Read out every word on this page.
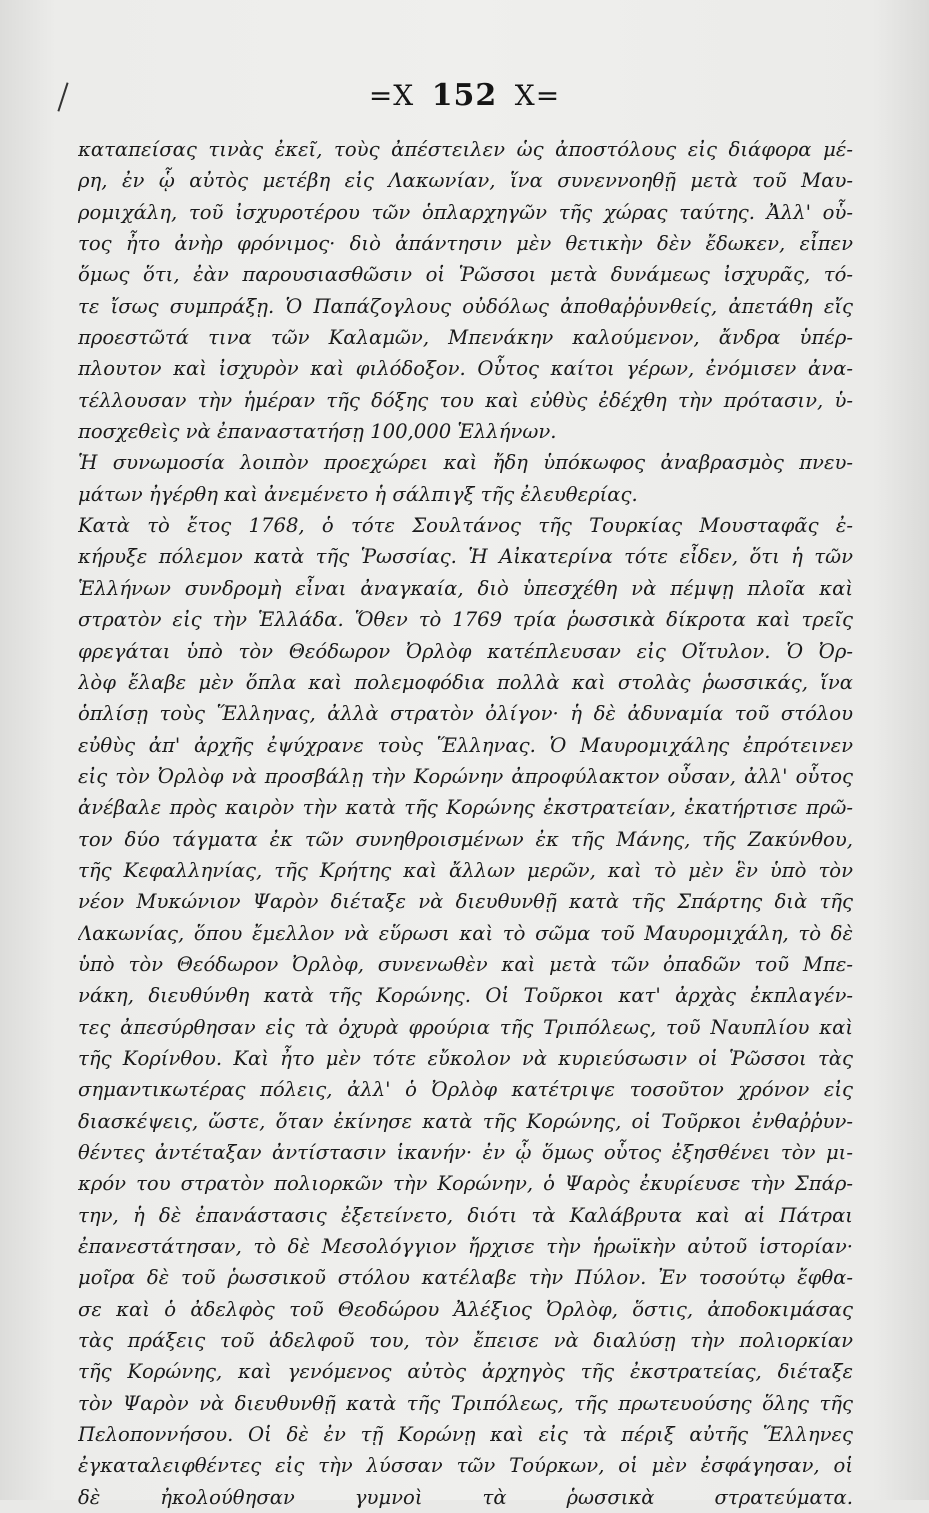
=⁠Χ 152 Χ=
καταπείσας τινὰς ἐκεῖ, τοὺς ἀπέστειλεν ὡς ἀποστόλους εἰς διάφορα μέ-
ρη, ἐν ᾧ αὐτὸς μετέβη εἰς Λακωνίαν, ἵνα συνεννοηθῇ μετὰ τοῦ Μαυ-
ρομιχάλη, τοῦ ἰσχυροτέρου τῶν ὁπλαρχηγῶν τῆς χώρας ταύτης. Ἀλλ' οὗ-
τος ἦτο ἀνὴρ φρόνιμος· διὸ ἀπάντησιν μὲν θετικὴν δὲν ἔδωκεν, εἶπεν
ὅμως ὅτι, ἐὰν παρουσιασθῶσιν οἱ Ῥῶσσοι μετὰ δυνάμεως ἰσχυρᾶς, τό-
τε ἴσως συμπράξῃ. Ὁ Παπάζογλους οὐδόλως ἀποθαῤῥυνθείς, ἀπετάθη εἴς
προεστῶτά τινα τῶν Καλαμῶν, Μπενάκην καλούμενον, ἄνδρα ὑπέρ-
πλουτον καὶ ἰσχυρὸν καὶ φιλόδοξον. Οὗτος καίτοι γέρων, ἐνόμισεν ἀνα-
τέλλουσαν τὴν ἡμέραν τῆς δόξης του καὶ εὐθὺς ἐδέχθη τὴν πρότασιν, ὑ-
ποσχεθεὶς νὰ ἐπαναστατήσῃ 100,000 Ἑλλήνων.
Ἡ συνωμοσία λοιπὸν προεχώρει καὶ ἤδη ὑπόκωφος ἀναβρασμὸς πνευ-
μάτων ἠγέρθη καὶ ἀνεμένετο ἡ σάλπιγξ τῆς ἐλευθερίας.
Κατὰ τὸ ἔτος 1768, ὁ τότε Σουλτάνος τῆς Τουρκίας Μουσταφᾶς ἐ-
κήρυξε πόλεμον κατὰ τῆς Ῥωσσίας. Ἡ Αἰκατερίνα τότε εἶδεν, ὅτι ἡ τῶν
Ἑλλήνων συνδρομὴ εἶναι ἀναγκαία, διὸ ὑπεσχέθη νὰ πέμψῃ πλοῖα καὶ
στρατὸν εἰς τὴν Ἑλλάδα. Ὅθεν τὸ 1769 τρία ῥωσσικὰ δίκροτα καὶ τρεῖς
φρεγάται ὑπὸ τὸν Θεόδωρον Ὀρλὸφ κατέπλευσαν εἰς Οἴτυλον. Ὁ Ὀρ-
λὸφ ἔλαβε μὲν ὅπλα καὶ πολεμοφόδια πολλὰ καὶ στολὰς ῥωσσικάς, ἵνα
ὁπλίσῃ τοὺς Ἕλληνας, ἀλλὰ στρατὸν ὀλίγον· ἡ δὲ ἀδυναμία τοῦ στόλου
εὐθὺς ἀπ' ἀρχῆς ἐψύχρανε τοὺς Ἕλληνας. Ὁ Μαυρομιχάλης ἐπρότεινεν
εἰς τὸν Ὀρλὸφ νὰ προσβάλῃ τὴν Κορώνην ἀπροφύλακτον οὖσαν, ἀλλ' οὗτος
ἀνέβαλε πρὸς καιρὸν τὴν κατὰ τῆς Κορώνης ἐκστρατείαν, ἐκατήρτισε πρῶ-
τον δύο τάγματα ἐκ τῶν συνηθροισμένων ἐκ τῆς Μάνης, τῆς Ζακύνθου,
τῆς Κεφαλληνίας, τῆς Κρήτης καὶ ἄλλων μερῶν, καὶ τὸ μὲν ἓν ὑπὸ τὸν
νέον Μυκώνιον Ψαρὸν διέταξε νὰ διευθυνθῇ κατὰ τῆς Σπάρτης διὰ τῆς
Λακωνίας, ὅπου ἔμελλον νὰ εὕρωσι καὶ τὸ σῶμα τοῦ Μαυρομιχάλη, τὸ δὲ
ὑπὸ τὸν Θεόδωρον Ὀρλὸφ, συνενωθὲν καὶ μετὰ τῶν ὀπαδῶν τοῦ Μπε-
νάκη, διευθύνθη κατὰ τῆς Κορώνης. Οἱ Τοῦρκοι κατ' ἀρχὰς ἐκπλαγέν-
τες ἀπεσύρθησαν εἰς τὰ ὀχυρὰ φρούρια τῆς Τριπόλεως, τοῦ Ναυπλίου καὶ
τῆς Κορίνθου. Καὶ ἦτο μὲν τότε εὔκολον νὰ κυριεύσωσιν οἱ Ῥῶσσοι τὰς
σημαντικωτέρας πόλεις, ἀλλ' ὁ Ὀρλὸφ κατέτριψε τοσοῦτον χρόνον εἰς
διασκέψεις, ὥστε, ὅταν ἐκίνησε κατὰ τῆς Κορώνης, οἱ Τοῦρκοι ἐνθαῤῥυν-
θέντες ἀντέταξαν ἀντίστασιν ἱκανήν· ἐν ᾧ ὅμως οὗτος ἐξησθένει τὸν μι-
κρόν του στρατὸν πολιορκῶν τὴν Κορώνην, ὁ Ψαρὸς ἐκυρίευσε τὴν Σπάρ-
την, ἡ δὲ ἐπανάστασις ἐξετείνετο, διότι τὰ Καλάβρυτα καὶ αἱ Πάτραι
ἐπανεστάτησαν, τὸ δὲ Μεσολόγγιον ἤρχισε τὴν ἡρωϊκὴν αὐτοῦ ἱστορίαν·
μοῖρα δὲ τοῦ ῥωσσικοῦ στόλου κατέλαβε τὴν Πύλον. Ἐν τοσούτῳ ἔφθα-
σε καὶ ὁ ἀδελφὸς τοῦ Θεοδώρου Ἀλέξιος Ὀρλὸφ, ὅστις, ἀποδοκιμάσας
τὰς πράξεις τοῦ ἀδελφοῦ του, τὸν ἔπεισε νὰ διαλύσῃ τὴν πολιορκίαν
τῆς Κορώνης, καὶ γενόμενος αὐτὸς ἀρχηγὸς τῆς ἐκστρατείας, διέταξε
τὸν Ψαρὸν νὰ διευθυνθῇ κατὰ τῆς Τριπόλεως, τῆς πρωτευούσης ὅλης τῆς
Πελοποννήσου. Οἱ δὲ ἐν τῇ Κορώνῃ καὶ εἰς τὰ πέριξ αὐτῆς Ἕλληνες
ἐγκαταλειφθέντες εἰς τὴν λύσσαν τῶν Τούρκων, οἱ μὲν ἐσφάγησαν, οἱ
δὲ ἠκολούθησαν γυμνοὶ τὰ ῥωσσικὰ στρατεύματα.
